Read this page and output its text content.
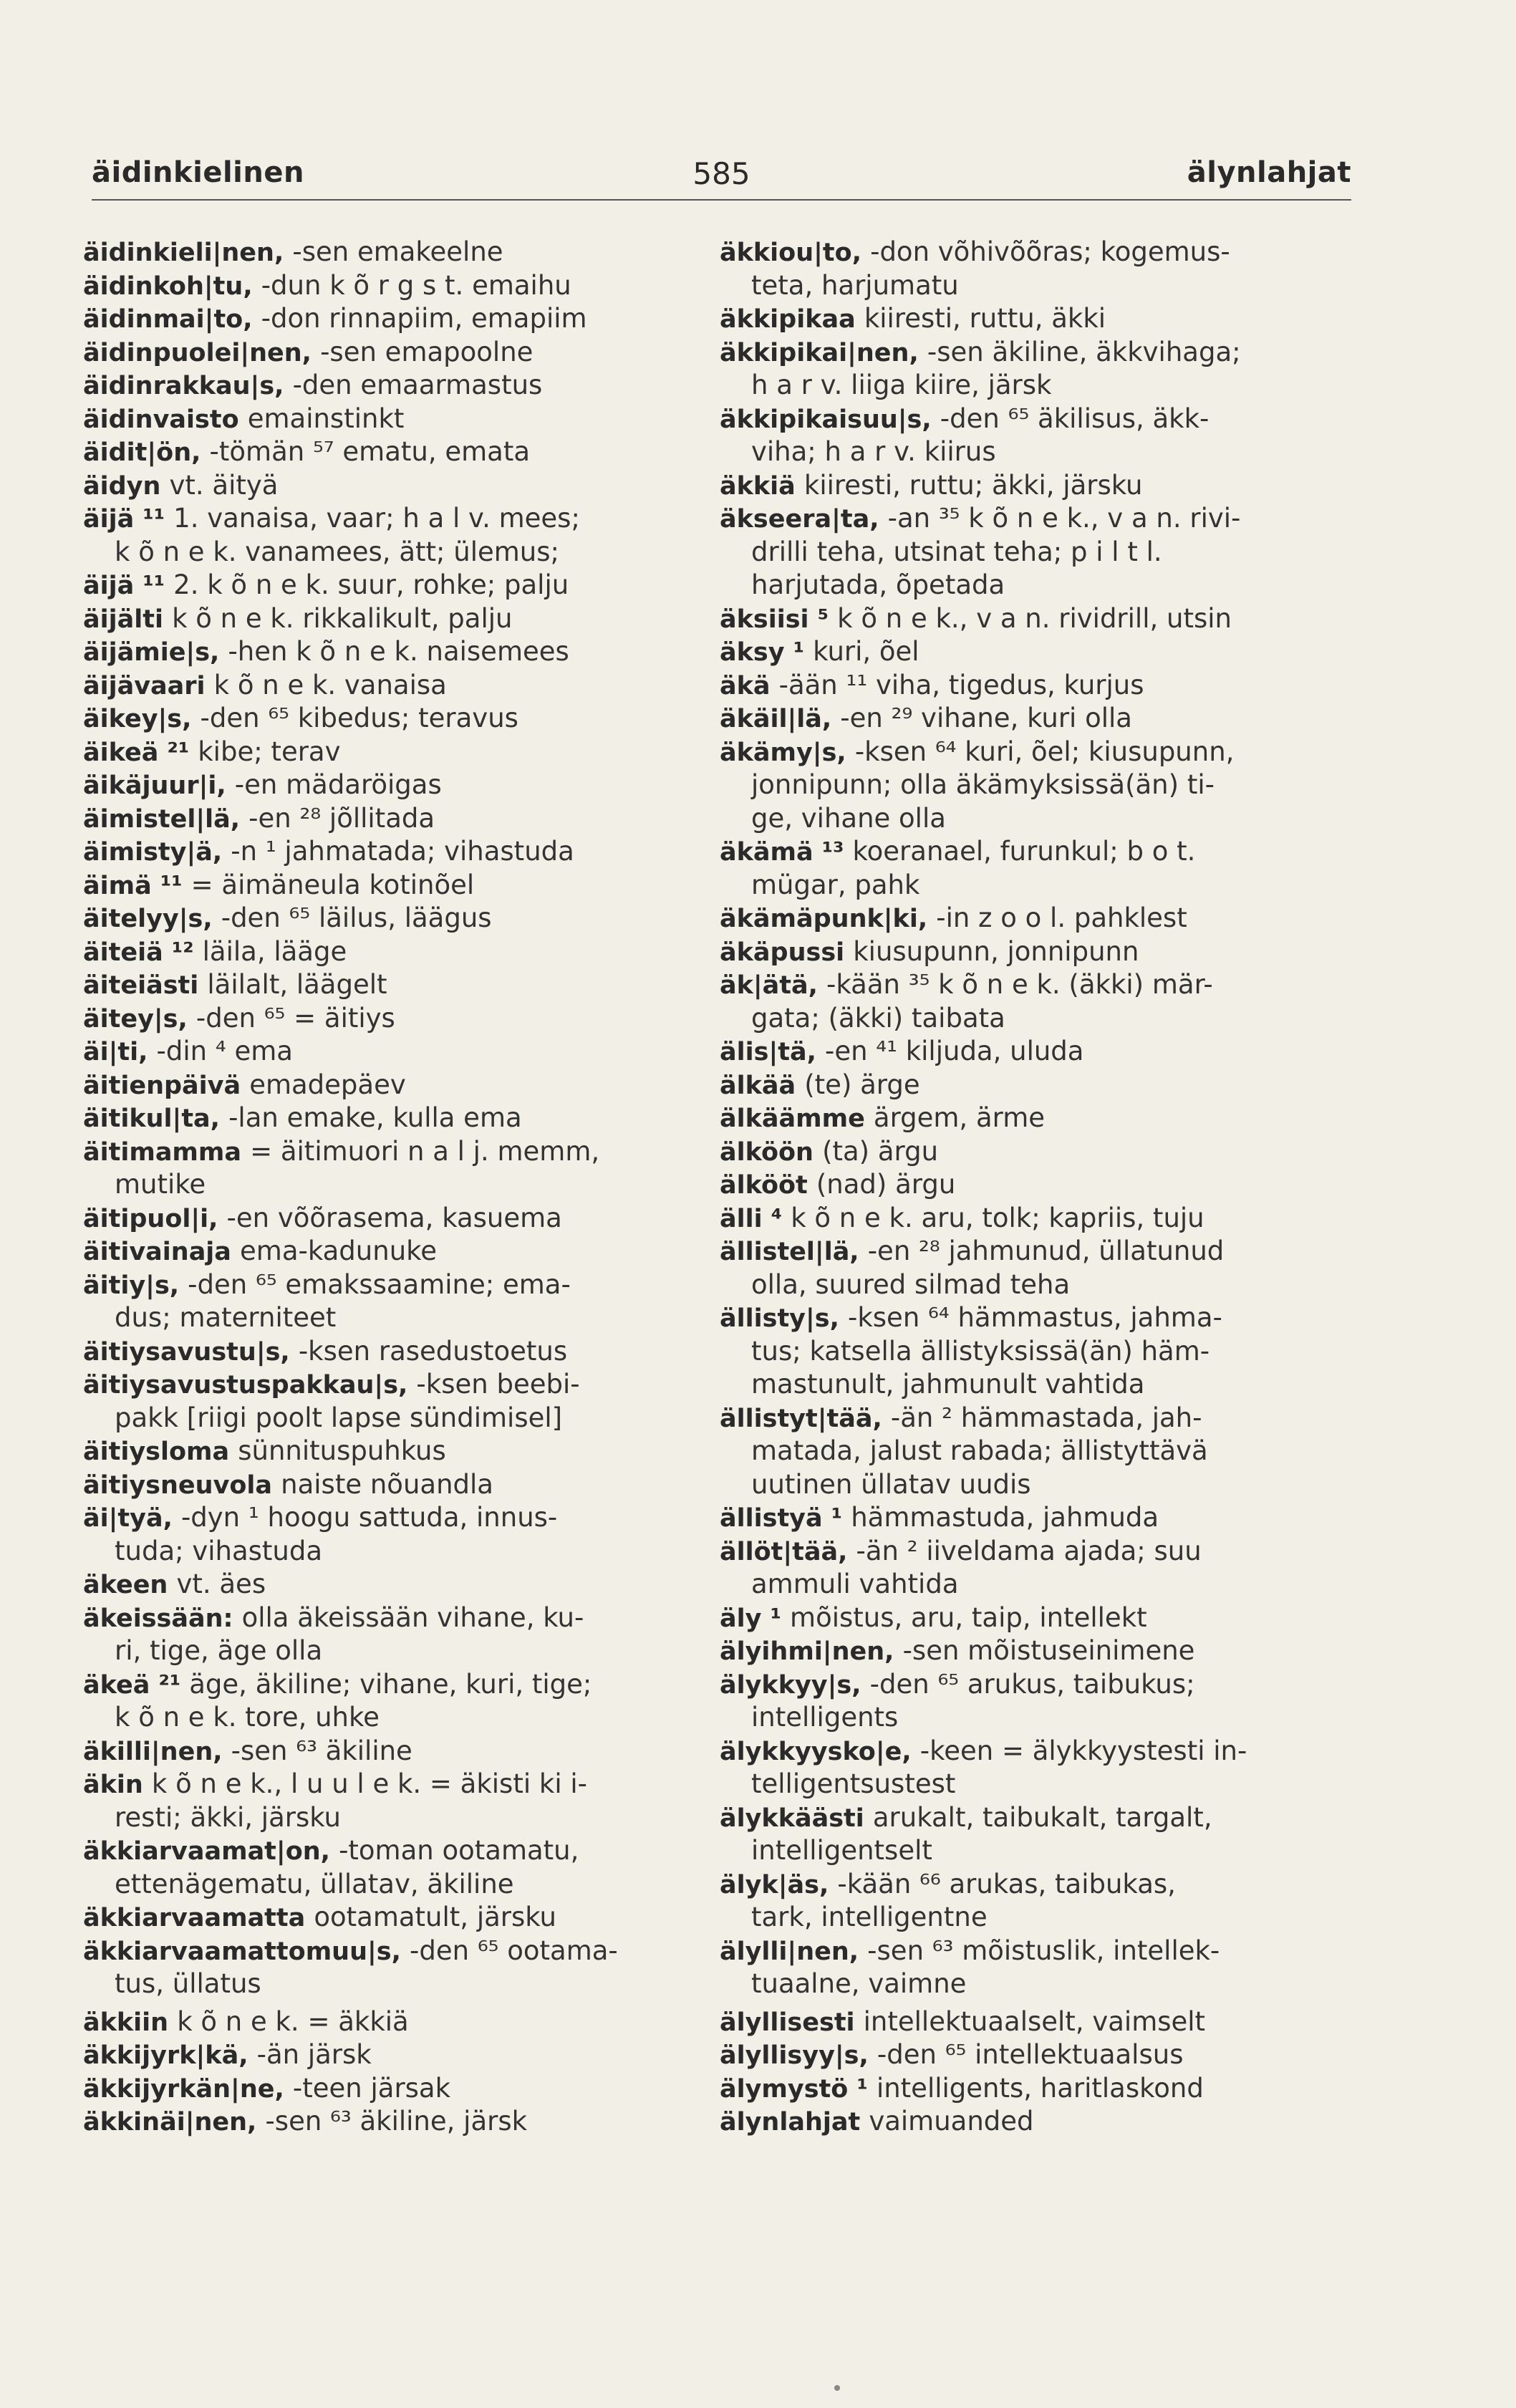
äidinkielinen	585	älynlahjat
äidinkieli|nen, -sen emakeelne
äidinkoh|tu, -dun k õ r g s t. emaihu
äidinmai|to, -don rinnapiim, emapiim
äidinpuolei|nen, -sen emapoolne
äidinrakkau|s, -den emaarmastus
äidinvaisto emainstinkt
äidit|ön, -tömän ⁵⁷ ematu, emata
äidyn vt. äityä
äijä ¹¹ 1. vanaisa, vaar; h a l v. mees;
k õ n e k. vanamees, ätt; ülemus;
äijä ¹¹ 2. k õ n e k. suur, rohke; palju
äijälti k õ n e k. rikkalikult, palju
äijämie|s, -hen k õ n e k. naisemees
äijävaari k õ n e k. vanaisa
äikey|s, -den ⁶⁵ kibedus; teravus
äikeä ²¹ kibe; terav
äikäjuur|i, -en mädaröigas
äimistel|lä, -en ²⁸ jõllitada
äimisty|ä, -n ¹ jahmatada; vihastuda
äimä ¹¹ = äimäneula kotinõel
äitelyy|s, -den ⁶⁵ läilus, läägus
äiteiä ¹² läila, lääge
äiteiästi läilalt, läägelt
äitey|s, -den ⁶⁵ = äitiys
äi|ti, -din ⁴ ema
äitienpäivä emadepäev
äitikul|ta, -lan emake, kulla ema
äitimamma = äitimuori n a l j. memm,
mutike
äitipuol|i, -en võõrasema, kasuema
äitivainaja ema-kadunuke
äitiy|s, -den ⁶⁵ emakssaamine; ema-
dus; materniteet
äitiysavustu|s, -ksen rasedustoetus
äitiysavustuspakkau|s, -ksen beebi-
pakk [riigi poolt lapse sündimisel]
äitiysloma sünnituspuhkus
äitiysneuvola naiste nõuandla
äi|tyä, -dyn ¹ hoogu sattuda, innus-
tuda; vihastuda
äkeen vt. äes
äkeissään: olla äkeissään vihane, ku-
ri, tige, äge olla
äkeä ²¹ äge, äkiline; vihane, kuri, tige;
k õ n e k. tore, uhke
äkilli|nen, -sen ⁶³ äkiline
äkin k õ n e k., l u u l e k. = äkisti ki i-
resti; äkki, järsku
äkkiarvaamat|on, -toman ootamatu,
ettenägematu, üllatav, äkiline
äkkiarvaamatta ootamatult, järsku
äkkiarvaamattomuu|s, -den ⁶⁵ ootama-
tus, üllatus
äkkiin k õ n e k. = äkkiä
äkkijyrk|kä, -än järsk
äkkijyrkän|ne, -teen järsak
äkkinäi|nen, -sen ⁶³ äkiline, järsk
äkkiou|to, -don võhivõõras; kogemus-
teta, harjumatu
äkkipikaa kiiresti, ruttu, äkki
äkkipikai|nen, -sen äkiline, äkkvihaga;
h a r v. liiga kiire, järsk
äkkipikaisuu|s, -den ⁶⁵ äkilisus, äkk-
viha; h a r v. kiirus
äkkiä kiiresti, ruttu; äkki, järsku
äkseera|ta, -an ³⁵ k õ n e k., v a n. rivi-
drilli teha, utsinat teha; p i l t l.
harjutada, õpetada
äksiisi ⁵ k õ n e k., v a n. rividrill, utsin
äksy ¹ kuri, õel
äkä -ään ¹¹ viha, tigedus, kurjus
äkäil|lä, -en ²⁹ vihane, kuri olla
äkämy|s, -ksen ⁶⁴ kuri, õel; kiusupunn,
jonnipunn; olla äkämyksissä(än) ti-
ge, vihane olla
äkämä ¹³ koeranael, furunkul; b o t.
mügar, pahk
äkämäpunk|ki, -in z o o l. pahklest
äkäpussi kiusupunn, jonnipunn
äk|ätä, -kään ³⁵ k õ n e k. (äkki) mär-
gata; (äkki) taibata
älis|tä, -en ⁴¹ kiljuda, uluda
älkää (te) ärge
älkäämme ärgem, ärme
älköön (ta) ärgu
älkööt (nad) ärgu
älli ⁴ k õ n e k. aru, tolk; kapriis, tuju
ällistel|lä, -en ²⁸ jahmunud, üllatunud
olla, suured silmad teha
ällisty|s, -ksen ⁶⁴ hämmastus, jahma-
tus; katsella ällistyksissä(än) häm-
mastunult, jahmunult vahtida
ällistyt|tää, -än ² hämmastada, jah-
matada, jalust rabada; ällistyttävä
uutinen üllatav uudis
ällistyä ¹ hämmastuda, jahmuda
ällöt|tää, -än ² iiveldama ajada; suu
ammuli vahtida
äly ¹ mõistus, aru, taip, intellekt
älyihmi|nen, -sen mõistuseinimene
älykkyy|s, -den ⁶⁵ arukus, taibukus;
intelligents
älykkyysko|e, -keen = älykkyystesti in-
telligentsustest
älykkäästi arukalt, taibukalt, targalt,
intelligentselt
älyk|äs, -kään ⁶⁶ arukas, taibukas,
tark, intelligentne
älylli|nen, -sen ⁶³ mõistuslik, intellek-
tuaalne, vaimne
älyllisesti intellektuaalselt, vaimselt
älyllisyy|s, -den ⁶⁵ intellektuaalsus
älymystö ¹ intelligents, haritlaskond
älynlahjat vaimuanded
